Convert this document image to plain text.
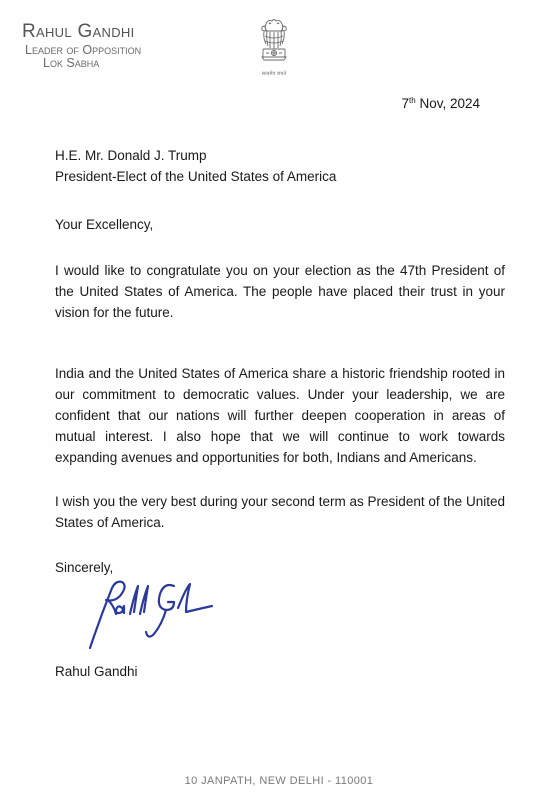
Rahul Gandhi
Leader of Opposition
Lok Sabha
सत्यमेव जयते
7th Nov, 2024
H.E. Mr. Donald J. Trump
President-Elect of the United States of America
Your Excellency,
I would like to congratulate you on your election as the 47th President of the United States of America. The people have placed their trust in your vision for the future.
India and the United States of America share a historic friendship rooted in our commitment to democratic values. Under your leadership, we are confident that our nations will further deepen cooperation in areas of mutual interest. I also hope that we will continue to work towards expanding avenues and opportunities for both, Indians and Americans.
I wish you the very best during your second term as President of the United States of America.
Sincerely,
Rahul Gandhi
10 JANPATH, NEW DELHI - 110001
